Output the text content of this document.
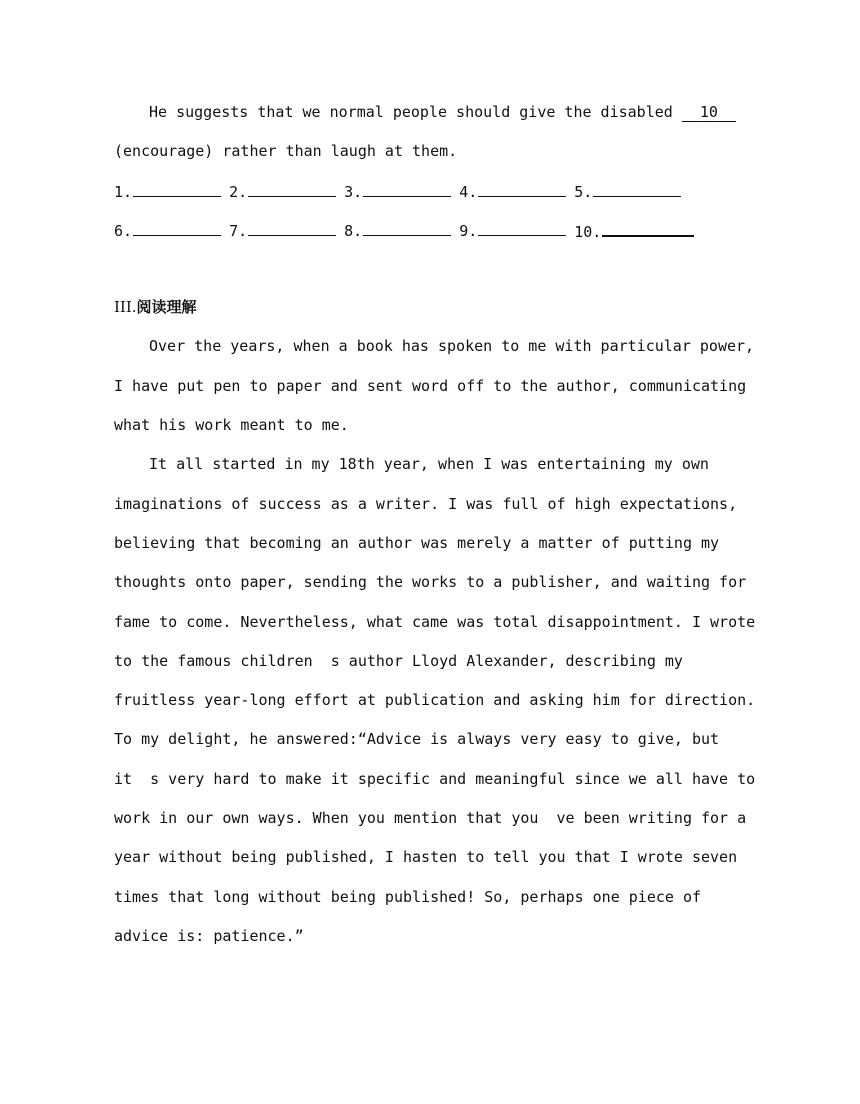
He suggests that we normal people should give the disabled   10
(encourage) rather than laugh at them.
1.	2.	3.	4.	5.
6.	7.	8.	9.	10.
III.阅读理解
Over the years, when a book has spoken to me with particular power,
I have put pen to paper and sent word off to the author, communicating
what his work meant to me.
It all started in my 18th year, when I was entertaining my own
imaginations of success as a writer. I was full of high expectations,
believing that becoming an author was merely a matter of putting my
thoughts onto paper, sending the works to a publisher, and waiting for
fame to come. Nevertheless, what came was total disappointment. I wrote
to the famous children  s author Lloyd Alexander, describing my
fruitless year-long effort at publication and asking him for direction.
To my delight, he answered:“Advice is always very easy to give, but
it  s very hard to make it specific and meaningful since we all have to
work in our own ways. When you mention that you  ve been writing for a
year without being published, I hasten to tell you that I wrote seven
times that long without being published! So, perhaps one piece of
advice is: patience.”
